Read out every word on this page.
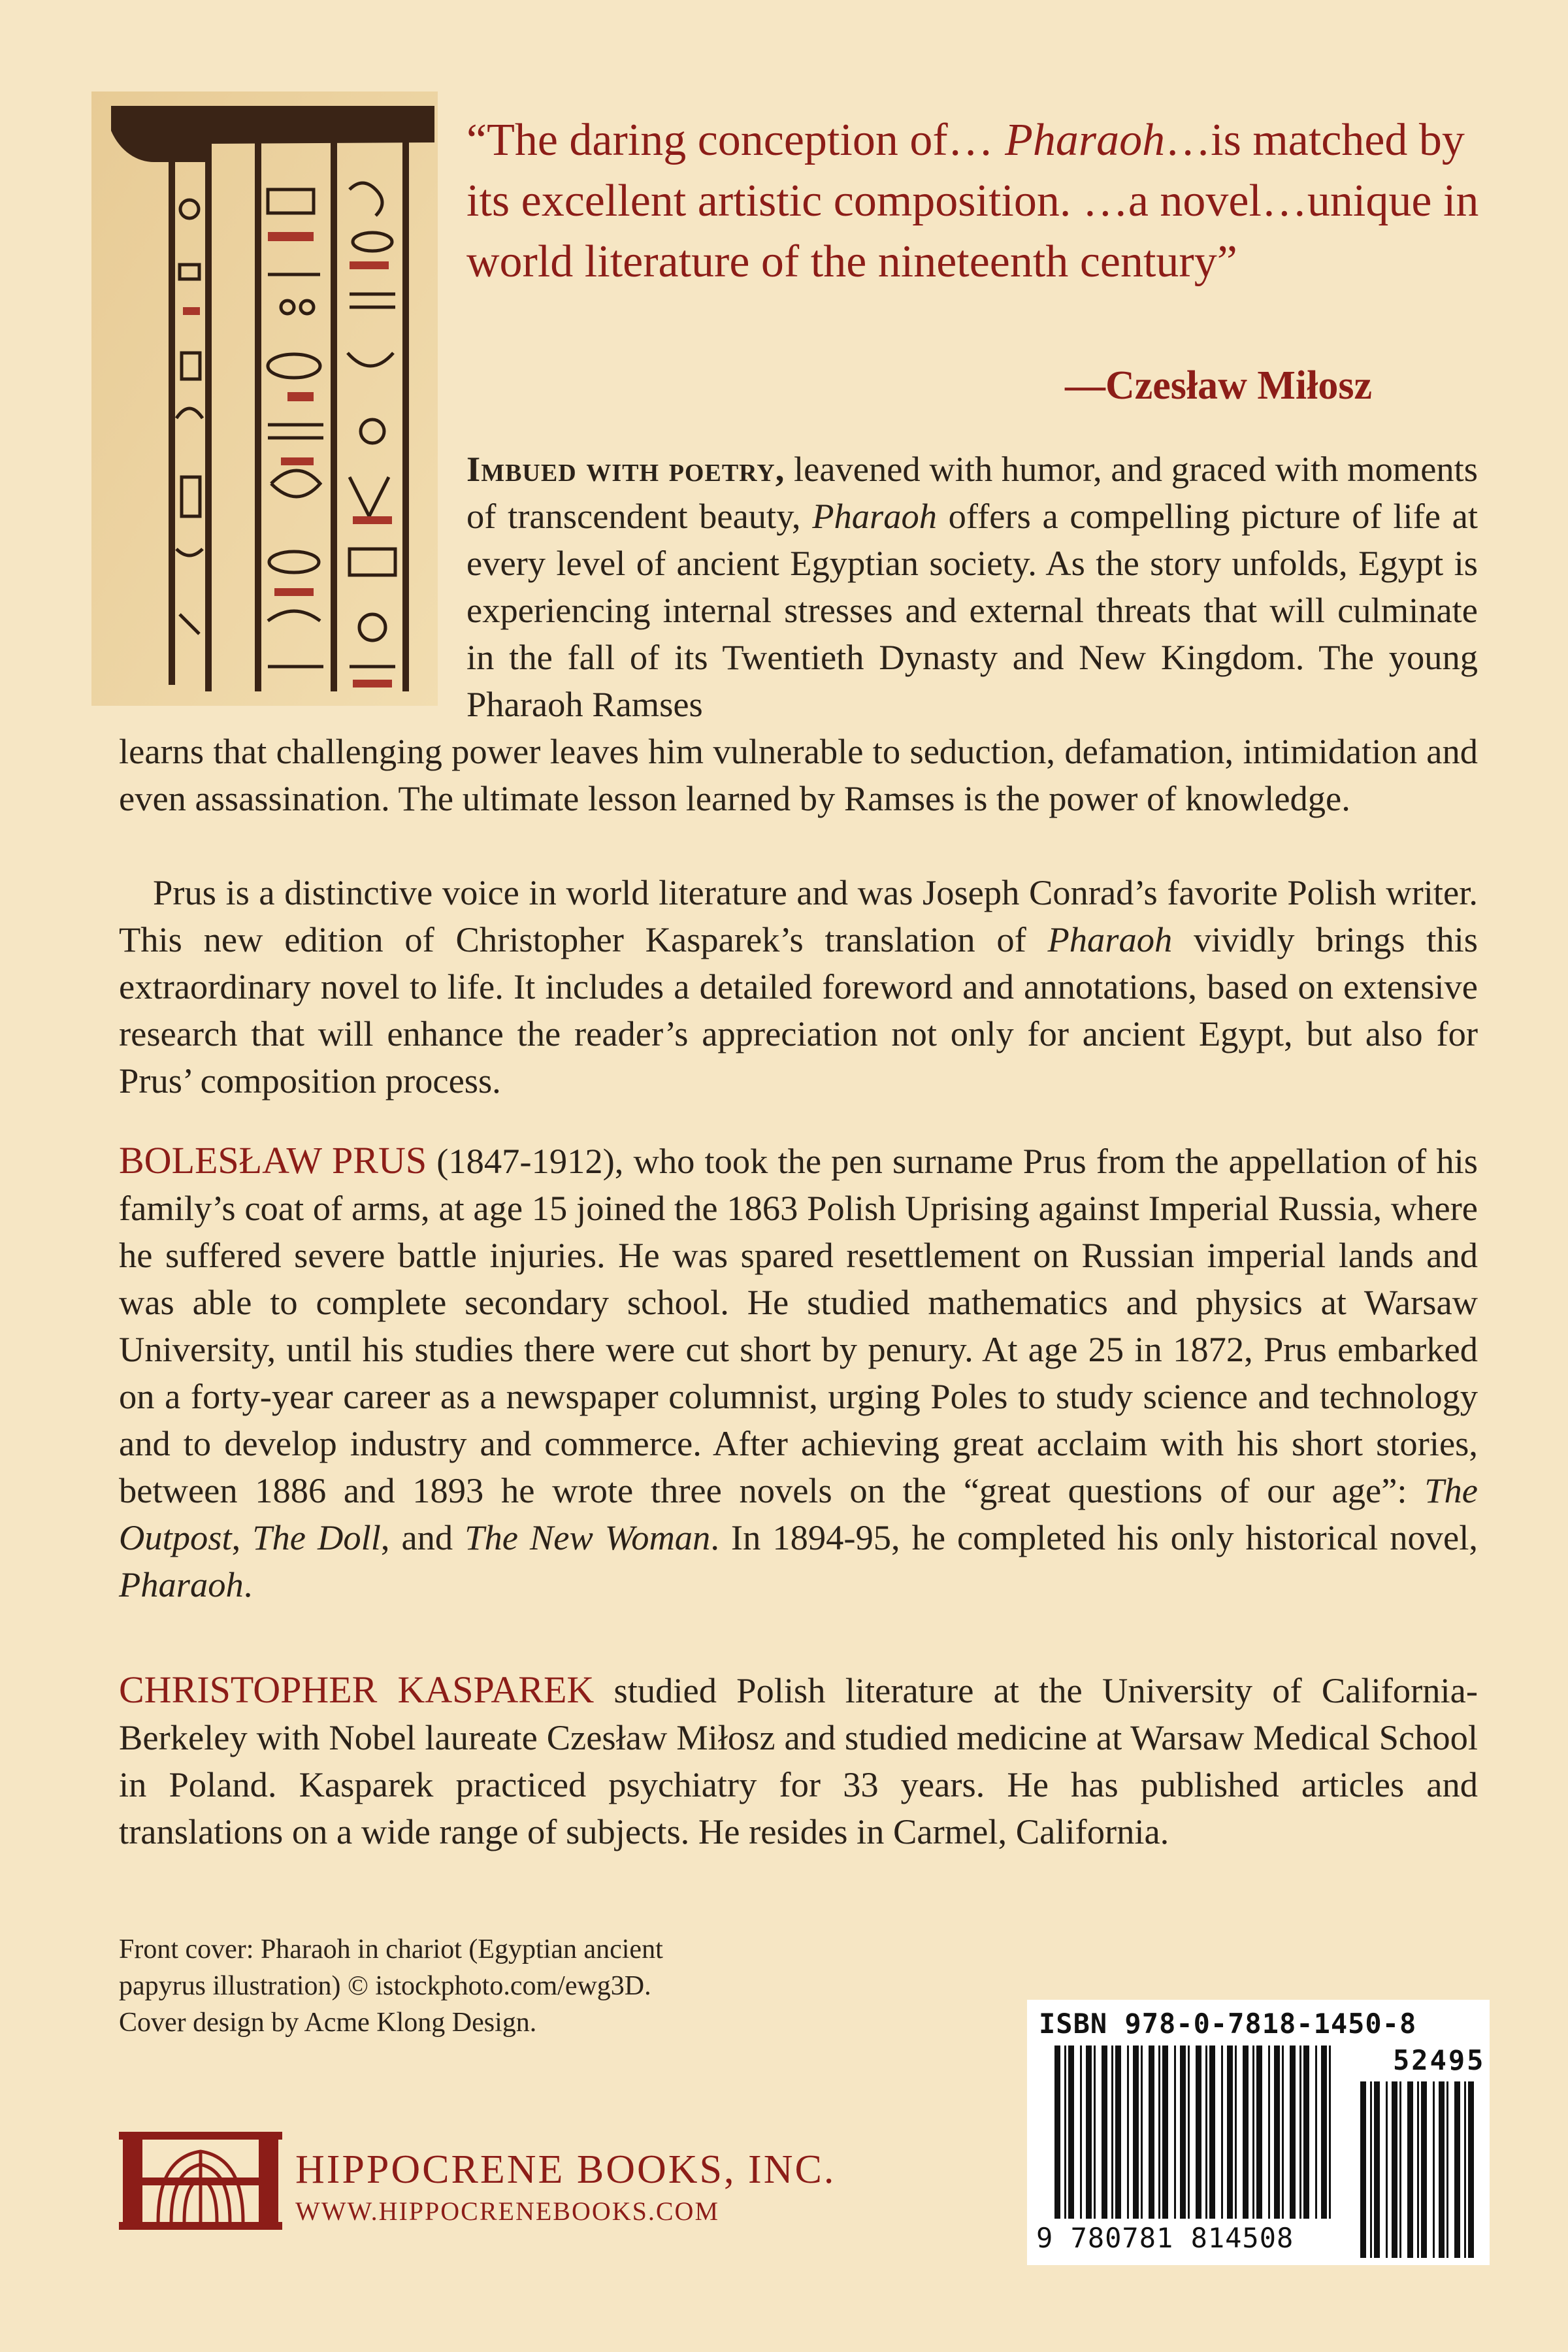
“The daring conception of… Pharaoh…is matched by its excellent artistic composition. …a novel…unique in world literature of the nineteenth century”

—Czesław Miłosz

Imbued with poetry, leavened with humor, and graced with moments of transcendent beauty, Pharaoh offers a compelling picture of life at every level of ancient Egyptian society. As the story unfolds, Egypt is experiencing internal stresses and external threats that will culminate in the fall of its Twentieth Dynasty and New Kingdom. The young Pharaoh Ramses

learns that challenging power leaves him vulnerable to seduction, defamation, intimidation and even assassination. The ultimate lesson learned by Ramses is the power of knowledge.

Prus is a distinctive voice in world literature and was Joseph Conrad’s favorite Polish writer. This new edition of Christopher Kasparek’s translation of Pharaoh vividly brings this extraordinary novel to life. It includes a detailed foreword and annotations, based on extensive research that will enhance the reader’s appreciation not only for ancient Egypt, but also for Prus’ composition process.

BOLESŁAW PRUS (1847-1912), who took the pen surname Prus from the appellation of his family’s coat of arms, at age 15 joined the 1863 Polish Uprising against Imperial Russia, where he suffered severe battle injuries. He was spared resettlement on Russian imperial lands and was able to complete secondary school. He studied mathematics and physics at Warsaw University, until his studies there were cut short by penury. At age 25 in 1872, Prus embarked on a forty-year career as a newspaper columnist, urging Poles to study science and technology and to develop industry and commerce. After achieving great acclaim with his short stories, between 1886 and 1893 he wrote three novels on the “great questions of our age”: The Outpost, The Doll, and The New Woman. In 1894-95, he completed his only historical novel, Pharaoh.

CHRISTOPHER KASPAREK studied Polish literature at the University of California-Berkeley with Nobel laureate Czesław Miłosz and studied medicine at Warsaw Medical School in Poland. Kasparek practiced psychiatry for 33 years. He has published articles and translations on a wide range of subjects. He resides in Carmel, California.

Front cover: Pharaoh in chariot (Egyptian ancient

papyrus illustration) © istockphoto.com/ewg3D.

Cover design by Acme Klong Design.

HIPPOCRENE BOOKS, INC.
WWW.HIPPOCRENEBOOKS.COM
ISBN 978-0-7818-1450-8
52495
9 780781 814508
